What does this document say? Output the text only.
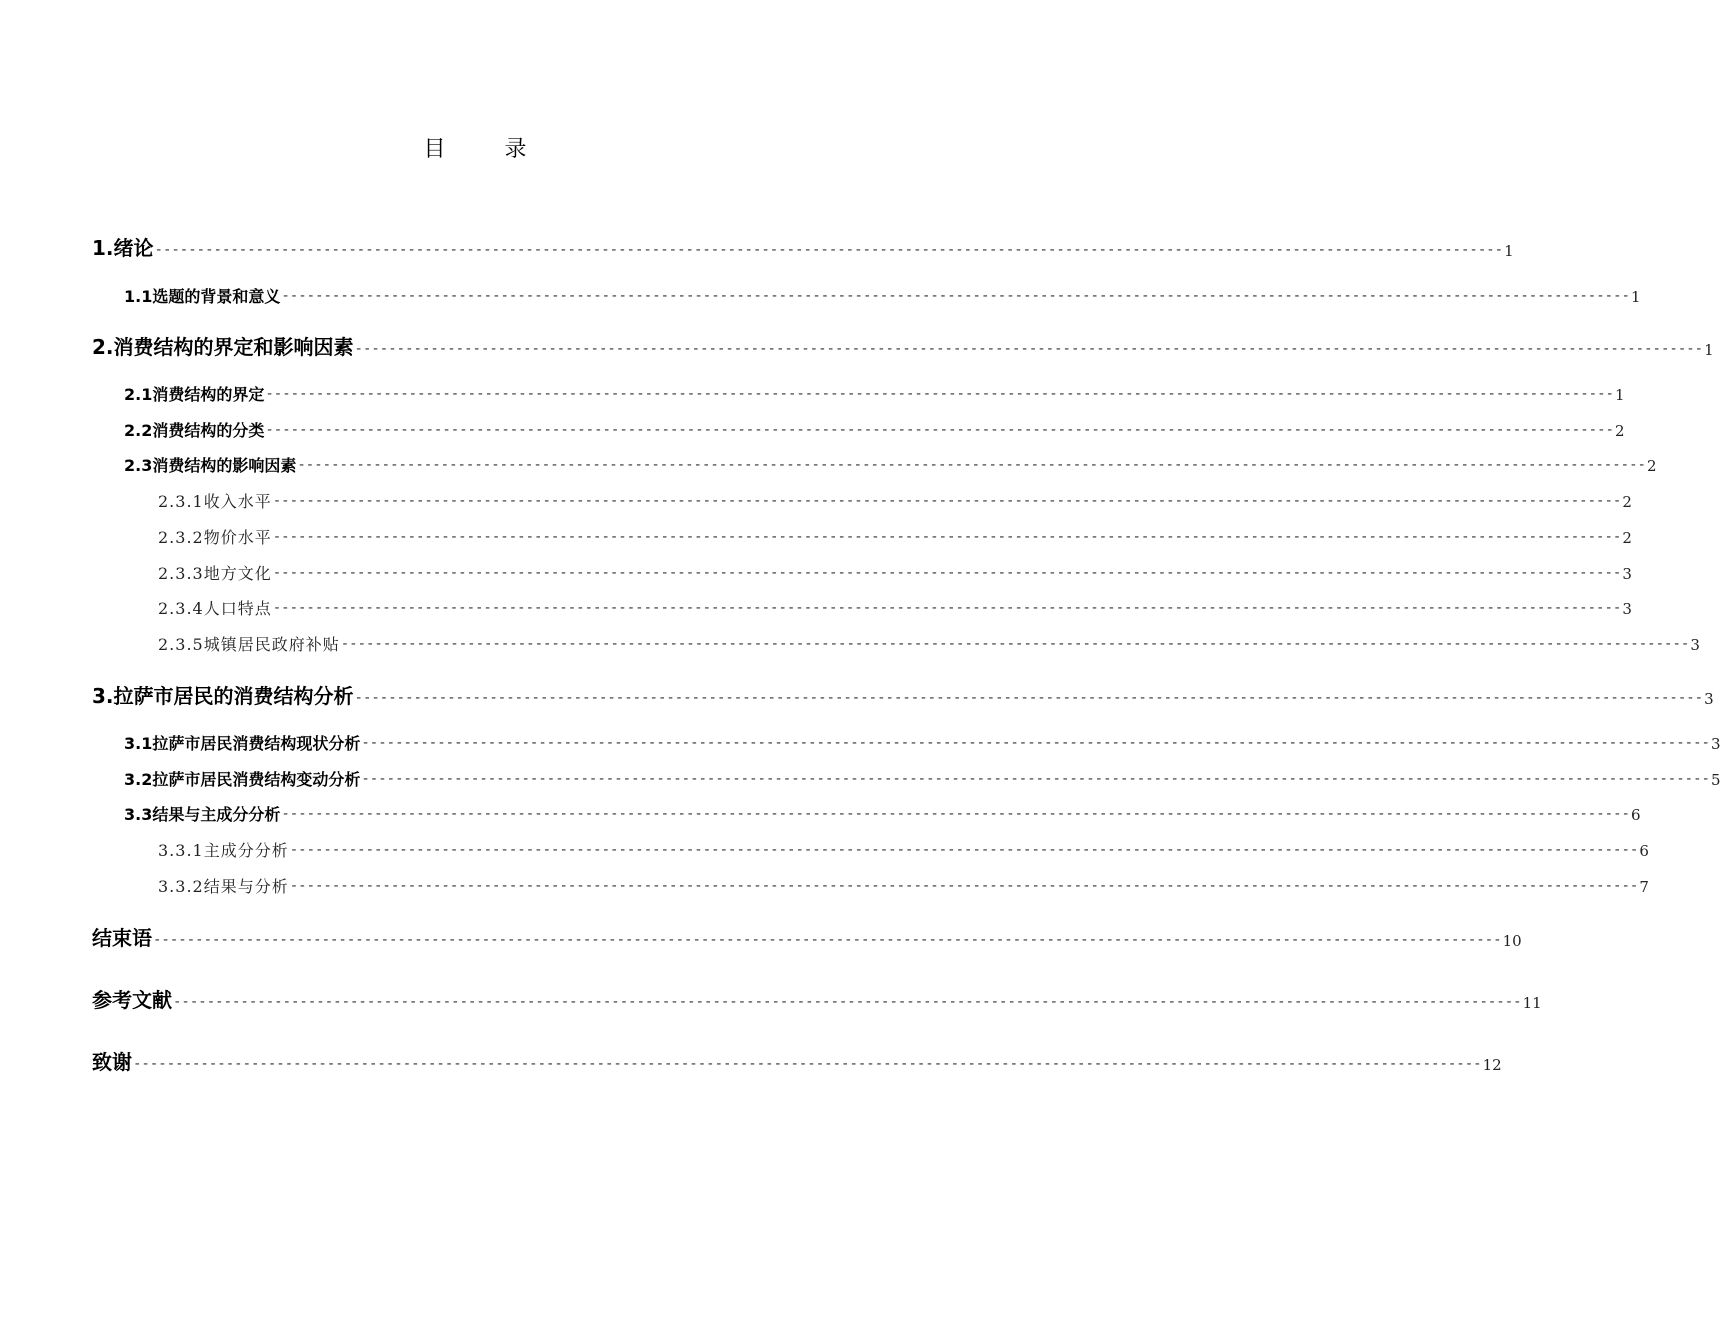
目 录
1.绪论 ---------------------------------------------------------------------------------------------------------------------------------------------------------------- 1
1.1选题的背景和意义 ---------------------------------------------------------------------------------------------------------------------------------------------------------------- 1
2.消费结构的界定和影响因素 ---------------------------------------------------------------------------------------------------------------------------------------------------------------- 1
2.1消费结构的界定 ---------------------------------------------------------------------------------------------------------------------------------------------------------------- 1
2.2消费结构的分类 ---------------------------------------------------------------------------------------------------------------------------------------------------------------- 2
2.3消费结构的影响因素 ---------------------------------------------------------------------------------------------------------------------------------------------------------------- 2
2.3.1收入水平 ---------------------------------------------------------------------------------------------------------------------------------------------------------------- 2
2.3.2物价水平 ---------------------------------------------------------------------------------------------------------------------------------------------------------------- 2
2.3.3地方文化 ---------------------------------------------------------------------------------------------------------------------------------------------------------------- 3
2.3.4人口特点 ---------------------------------------------------------------------------------------------------------------------------------------------------------------- 3
2.3.5城镇居民政府补贴 ---------------------------------------------------------------------------------------------------------------------------------------------------------------- 3
3.拉萨市居民的消费结构分析 ---------------------------------------------------------------------------------------------------------------------------------------------------------------- 3
3.1拉萨市居民消费结构现状分析 ---------------------------------------------------------------------------------------------------------------------------------------------------------------- 3
3.2拉萨市居民消费结构变动分析 ---------------------------------------------------------------------------------------------------------------------------------------------------------------- 5
3.3结果与主成分分析 ---------------------------------------------------------------------------------------------------------------------------------------------------------------- 6
3.3.1主成分分析 ---------------------------------------------------------------------------------------------------------------------------------------------------------------- 6
3.3.2结果与分析 ---------------------------------------------------------------------------------------------------------------------------------------------------------------- 7
结束语 ---------------------------------------------------------------------------------------------------------------------------------------------------------------- 10
参考文献 ---------------------------------------------------------------------------------------------------------------------------------------------------------------- 11
致谢 ---------------------------------------------------------------------------------------------------------------------------------------------------------------- 12
